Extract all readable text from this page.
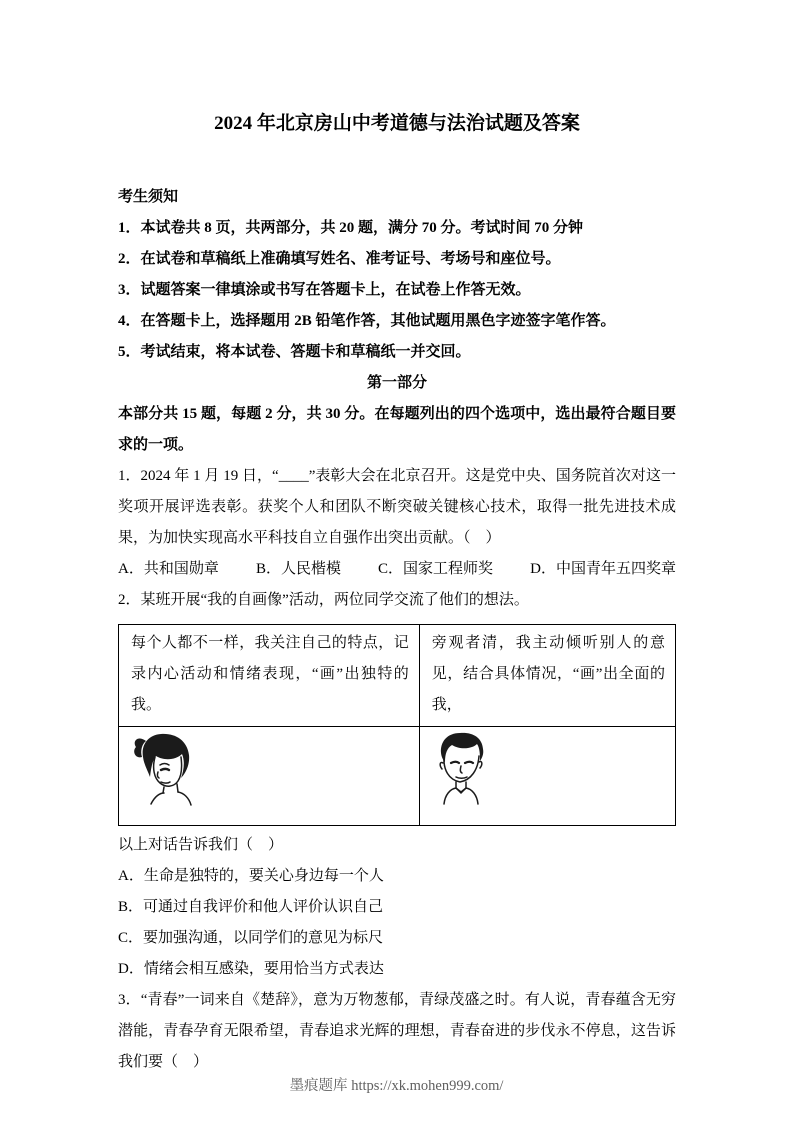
2024 年北京房山中考道德与法治试题及答案
考生须知
1．本试卷共 8 页，共两部分，共 20 题，满分 70 分。考试时间 70 分钟
2．在试卷和草稿纸上准确填写姓名、准考证号、考场号和座位号。
3．试题答案一律填涂或书写在答题卡上，在试卷上作答无效。
4．在答题卡上，选择题用 2B 铅笔作答，其他试题用黑色字迹签字笔作答。
5．考试结束，将本试卷、答题卡和草稿纸一并交回。
第一部分
本部分共 15 题，每题 2 分，共 30 分。在每题列出的四个选项中，选出最符合题目要求的一项。
1．2024 年 1 月 19 日，“____”表彰大会在北京召开。这是党中央、国务院首次对这一奖项开展评选表彰。获奖个人和团队不断突破关键核心技术，取得一批先进技术成果，为加快实现高水平科技自立自强作出突出贡献。（　）
A．共和国勋章 B．人民楷模 C．国家工程师奖 D．中国青年五四奖章
2．某班开展“我的自画像”活动，两位同学交流了他们的想法。
每个人都不一样，我关注自己的特点，记录内心活动和情绪表现，“画”出独特的我。	旁观者清，我主动倾听别人的意见，结合具体情况，“画”出全面的我，

以上对话告诉我们（　）
A．生命是独特的，要关心身边每一个人
B．可通过自我评价和他人评价认识自己
C．要加强沟通，以同学们的意见为标尺
D．情绪会相互感染，要用恰当方式表达
3．“青春”一词来自《楚辞》，意为万物葱郁，青绿茂盛之时。有人说，青春蕴含无穷潜能，青春孕育无限希望，青春追求光辉的理想，青春奋进的步伐永不停息，这告诉我们要（　）
墨痕题库 https://xk.mohen999.com/
